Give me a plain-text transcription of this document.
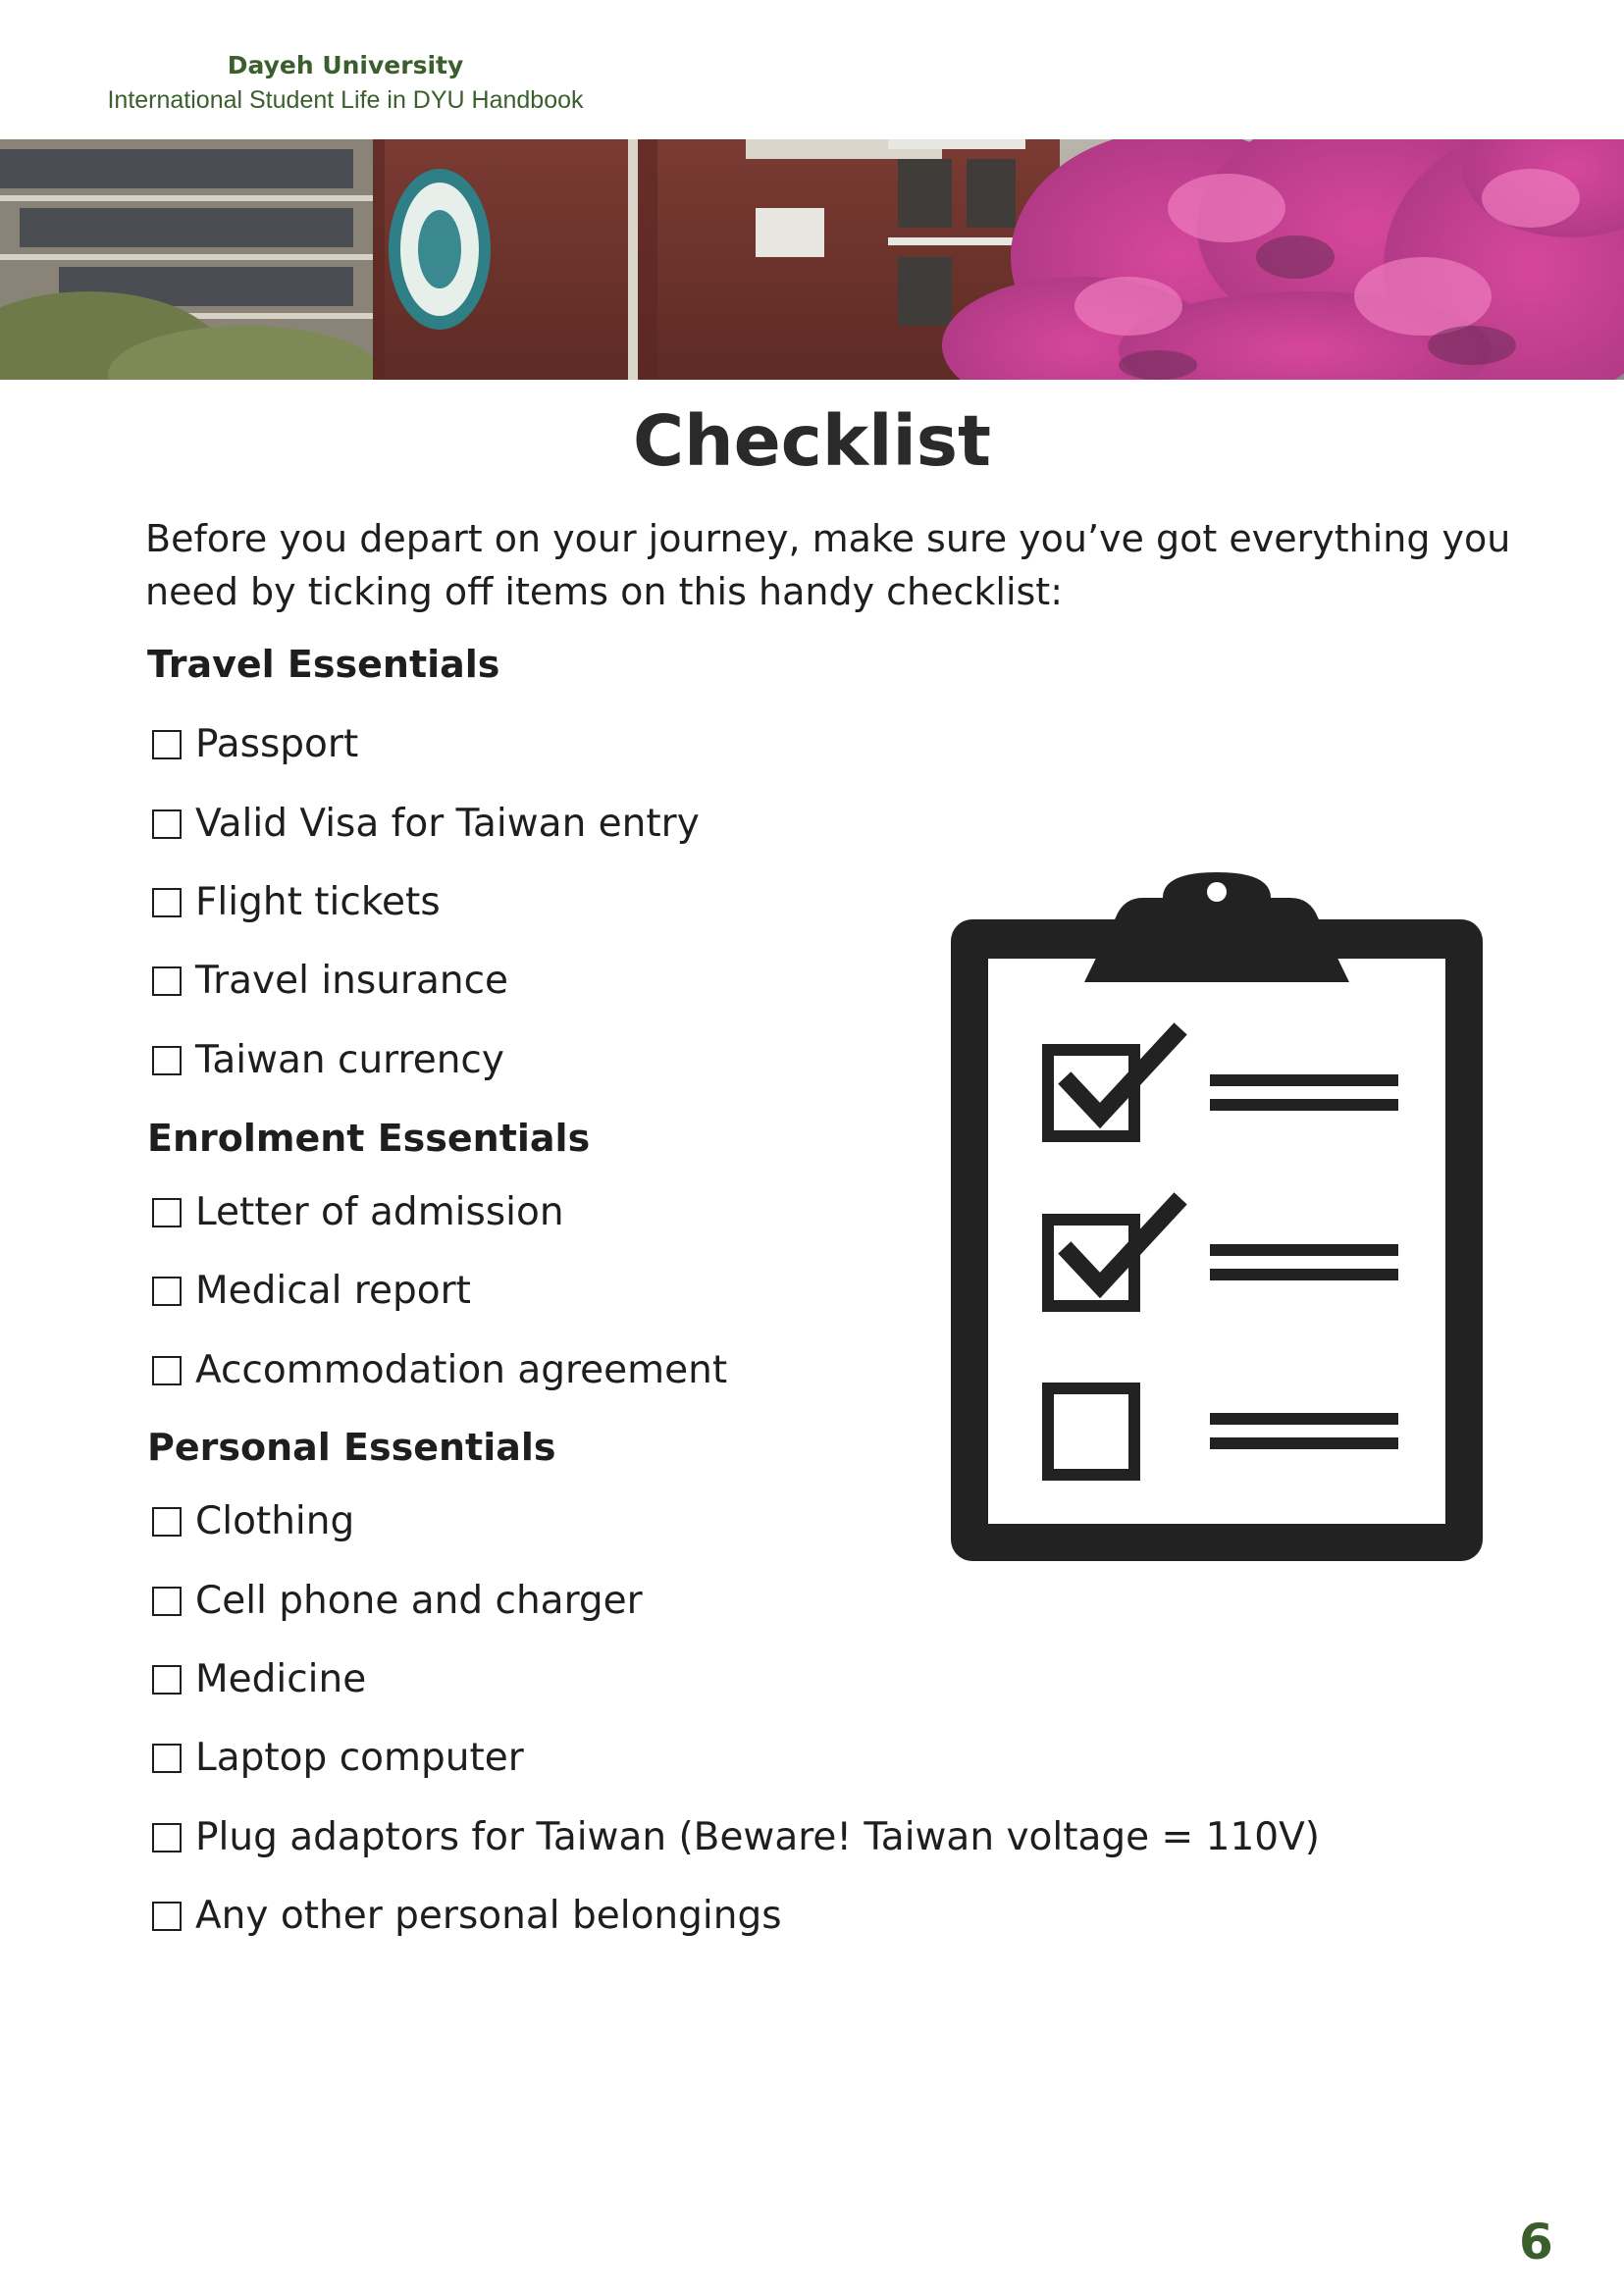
Dayeh University
International Student Life in DYU Handbook
Checklist
Before you depart on your journey, make sure you’ve got everything you need by ticking off items on this handy checklist:
Travel Essentials
Passport
Valid Visa for Taiwan entry
Flight tickets
Travel insurance
Taiwan currency
Enrolment Essentials
Letter of admission
Medical report
Accommodation agreement
Personal Essentials
Clothing
Cell phone and charger
Medicine
Laptop computer
Plug adaptors for Taiwan (Beware! Taiwan voltage = 110V)
Any other personal belongings
6
